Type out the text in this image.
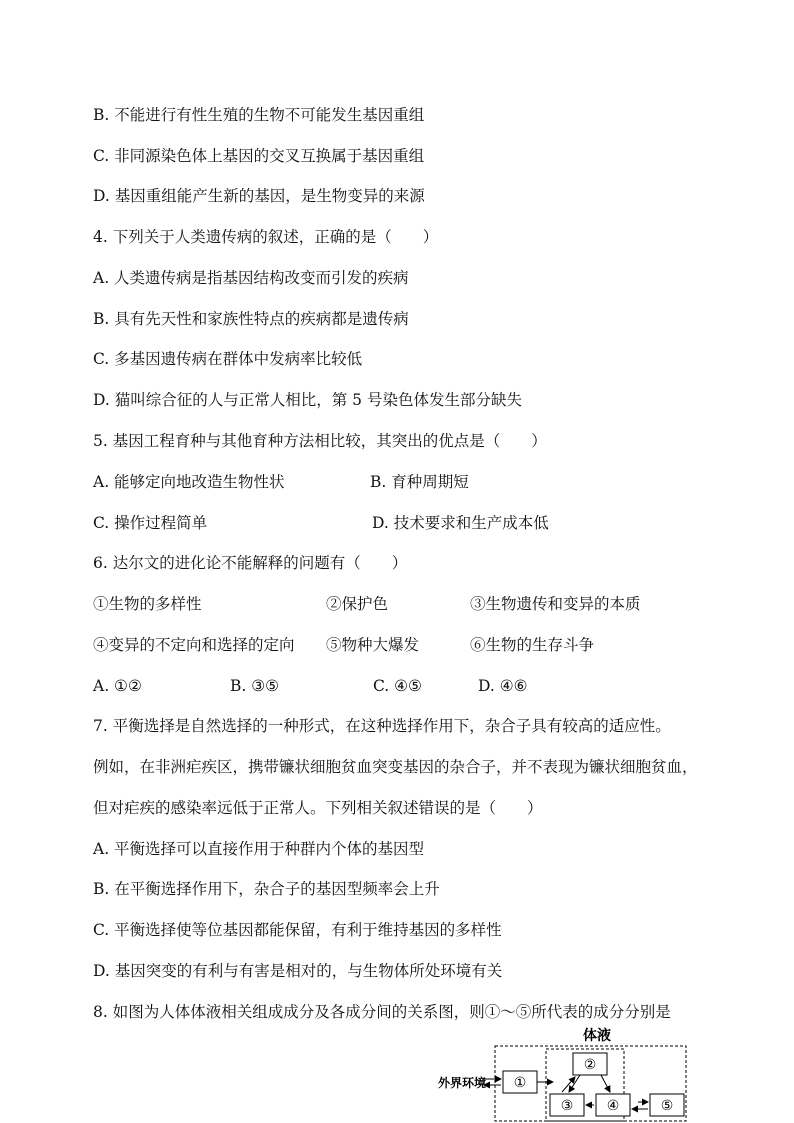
B. 不能进行有性生殖的生物不可能发生基因重组
C. 非同源染色体上基因的交叉互换属于基因重组
D. 基因重组能产生新的基因，是生物变异的来源
4. 下列关于人类遗传病的叙述，正确的是（　　）
A. 人类遗传病是指基因结构改变而引发的疾病
B. 具有先天性和家族性特点的疾病都是遗传病
C. 多基因遗传病在群体中发病率比较低
D. 猫叫综合征的人与正常人相比，第 5 号染色体发生部分缺失
5. 基因工程育种与其他育种方法相比较，其突出的优点是（　　）
A. 能够定向地改造生物性状	B. 育种周期短
C. 操作过程简单	D. 技术要求和生产成本低
6. 达尔文的进化论不能解释的问题有（　　）
①生物的多样性	②保护色	③生物遗传和变异的本质
④变异的不定向和选择的定向 ⑤物种大爆发	⑥生物的生存斗争
A. ①②	B. ③⑤	C. ④⑤	D. ④⑥
7. 平衡选择是自然选择的一种形式，在这种选择作用下，杂合子具有较高的适应性。
例如，在非洲疟疾区，携带镰状细胞贫血突变基因的杂合子，并不表现为镰状细胞贫血，
但对疟疾的感染率远低于正常人。下列相关叙述错误的是（　　）
A. 平衡选择可以直接作用于种群内个体的基因型
B. 在平衡选择作用下，杂合子的基因型频率会上升
C. 平衡选择使等位基因都能保留，有利于维持基因的多样性
D. 基因突变的有利与有害是相对的，与生物体所处环境有关
8. 如图为人体体液相关组成成分及各成分间的关系图，则①～⑤所代表的成分分别是
体液
外界环境 ①
②
③ ④	⑤
